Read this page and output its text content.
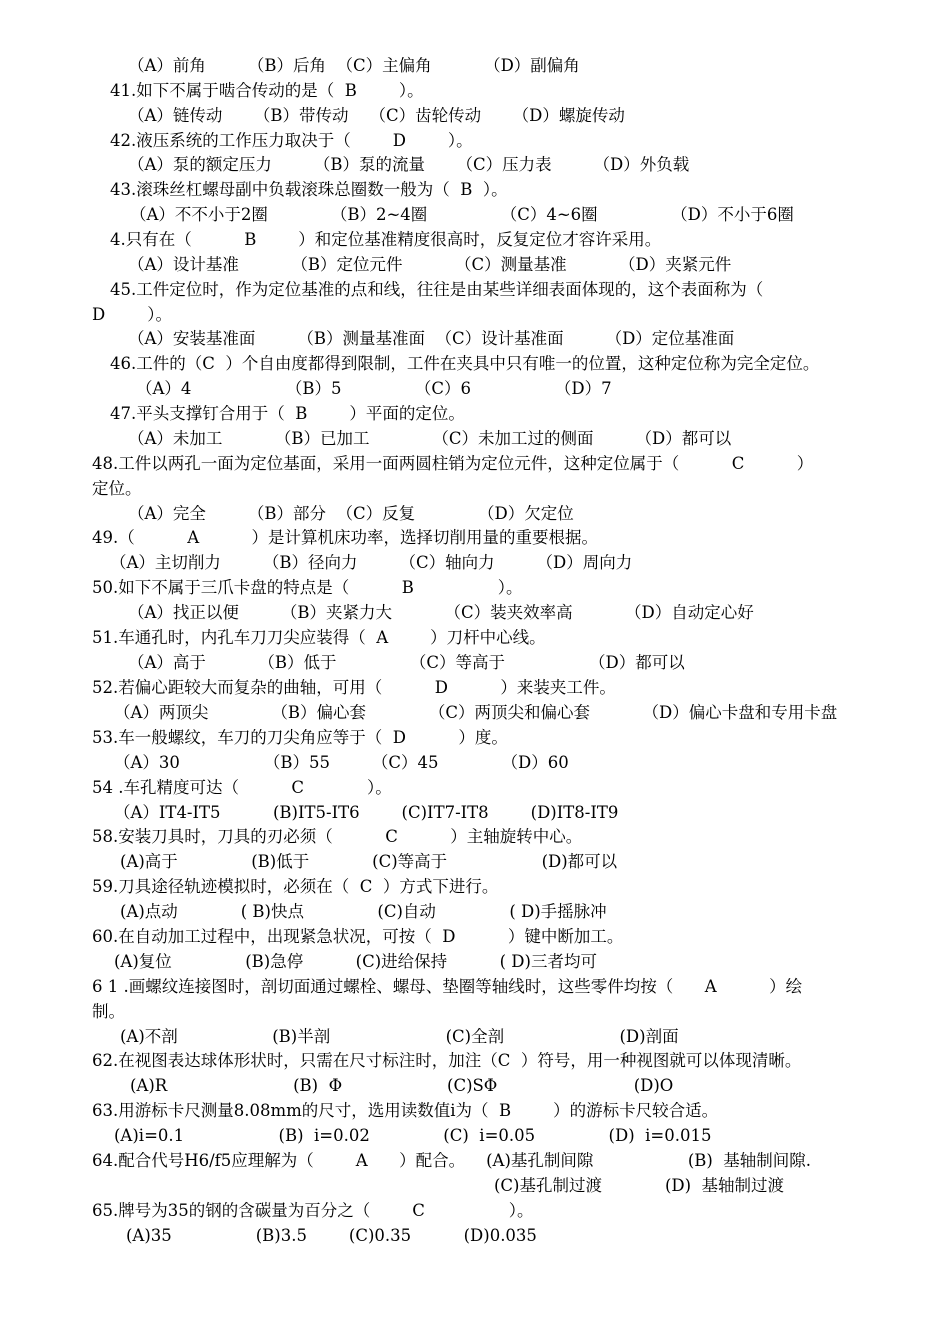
（A）前角        （B）后角  （C）主偏角          （D）副偏角
41.如下不属于啮合传动的是（  B        ）。
（A）链传动      （B）带传动    （C）齿轮传动      （D）螺旋传动
42.液压系统的工作压力取决于（        D        ）。
（A）泵的额定压力        （B）泵的流量      （C）压力表        （D）外负载
43.滚珠丝杠螺母副中负载滚珠总圈数一般为（  B  ）。
（A）不不小于2圈            （B）2~4圈              （C）4~6圈              （D）不小于6圈
4.只有在（          B        ）和定位基准精度很高时，反复定位才容许采用。
（A）设计基准          （B）定位元件          （C）测量基准          （D）夹紧元件
45.工件定位时，作为定位基准的点和线，往往是由某些详细表面体现的，这个表面称为（
D        ）。
（A）安装基准面        （B）测量基准面  （C）设计基准面        （D）定位基准面
46.工件的（C  ）个自由度都得到限制，工件在夹具中只有唯一的位置，这种定位称为完全定位。
（A）4                  （B）5              （C）6                （D）7
47.平头支撑钉合用于（  B        ）平面的定位。
（A）未加工          （B）已加工            （C）未加工过的侧面        （D）都可以
48.工件以两孔一面为定位基面，采用一面两圆柱销为定位元件，这种定位属于（          C          ）
定位。
（A）完全        （B）部分  （C）反复            （D）欠定位
49.（          A          ）是计算机床功率，选择切削用量的重要根据。
（A）主切削力        （B）径向力        （C）轴向力        （D）周向力
50.如下不属于三爪卡盘的特点是（          B                ）。
（A）找正以便        （B）夹紧力大          （C）装夹效率高          （D）自动定心好
51.车通孔时，内孔车刀刀尖应装得（  A        ）刀杆中心线。
（A）高于          （B）低于              （C）等高于                （D）都可以
52.若偏心距较大而复杂的曲轴，可用（          D          ）来装夹工件。
（A）两顶尖            （B）偏心套            （C）两顶尖和偏心套          （D）偏心卡盘和专用卡盘
53.车一般螺纹，车刀的刀尖角应等于（  D          ）度。
（A）30                （B）55        （C）45            （D）60
54 .车孔精度可达（          C            ）。
（A）IT4-IT5          (B)IT5-IT6        (C)IT7-IT8        (D)IT8-IT9
58.安装刀具时，刀具的刃必须（          C          ）主轴旋转中心。
(A)高于              (B)低于            (C)等高于                  (D)都可以
59.刀具途径轨迹模拟时，必须在（  C  ）方式下进行。
(A)点动            ( B)快点              (C)自动              ( D)手摇脉冲
60.在自动加工过程中，出现紧急状况，可按（  D          ）键中断加工。
(A)复位              (B)急停          (C)进给保持          ( D)三者均可
6 1 .画螺纹连接图时，剖切面通过螺栓、螺母、垫圈等轴线时，这些零件均按（      A          ）绘
制。
(A)不剖                  (B)半剖                      (C)全剖                      (D)剖面
62.在视图表达球体形状时，只需在尺寸标注时，加注（C  ）符号，用一种视图就可以体现清晰。
(A)R                        (B)  Φ                    (C)SΦ                          (D)O
63.用游标卡尺测量8.08mm的尺寸，选用读数值i为（  B        ）的游标卡尺较合适。
(A)i=0.1                  (B)  i=0.02              (C)  i=0.05              (D)  i=0.015
64.配合代号H6/f5应理解为（        A      ）配合。    (A)基孔制间隙                  (B)  基轴制间隙.
(C)基孔制过渡            (D)  基轴制过渡
65.牌号为35的钢的含碳量为百分之（        C                ）。
(A)35                (B)3.5        (C)0.35          (D)0.035
